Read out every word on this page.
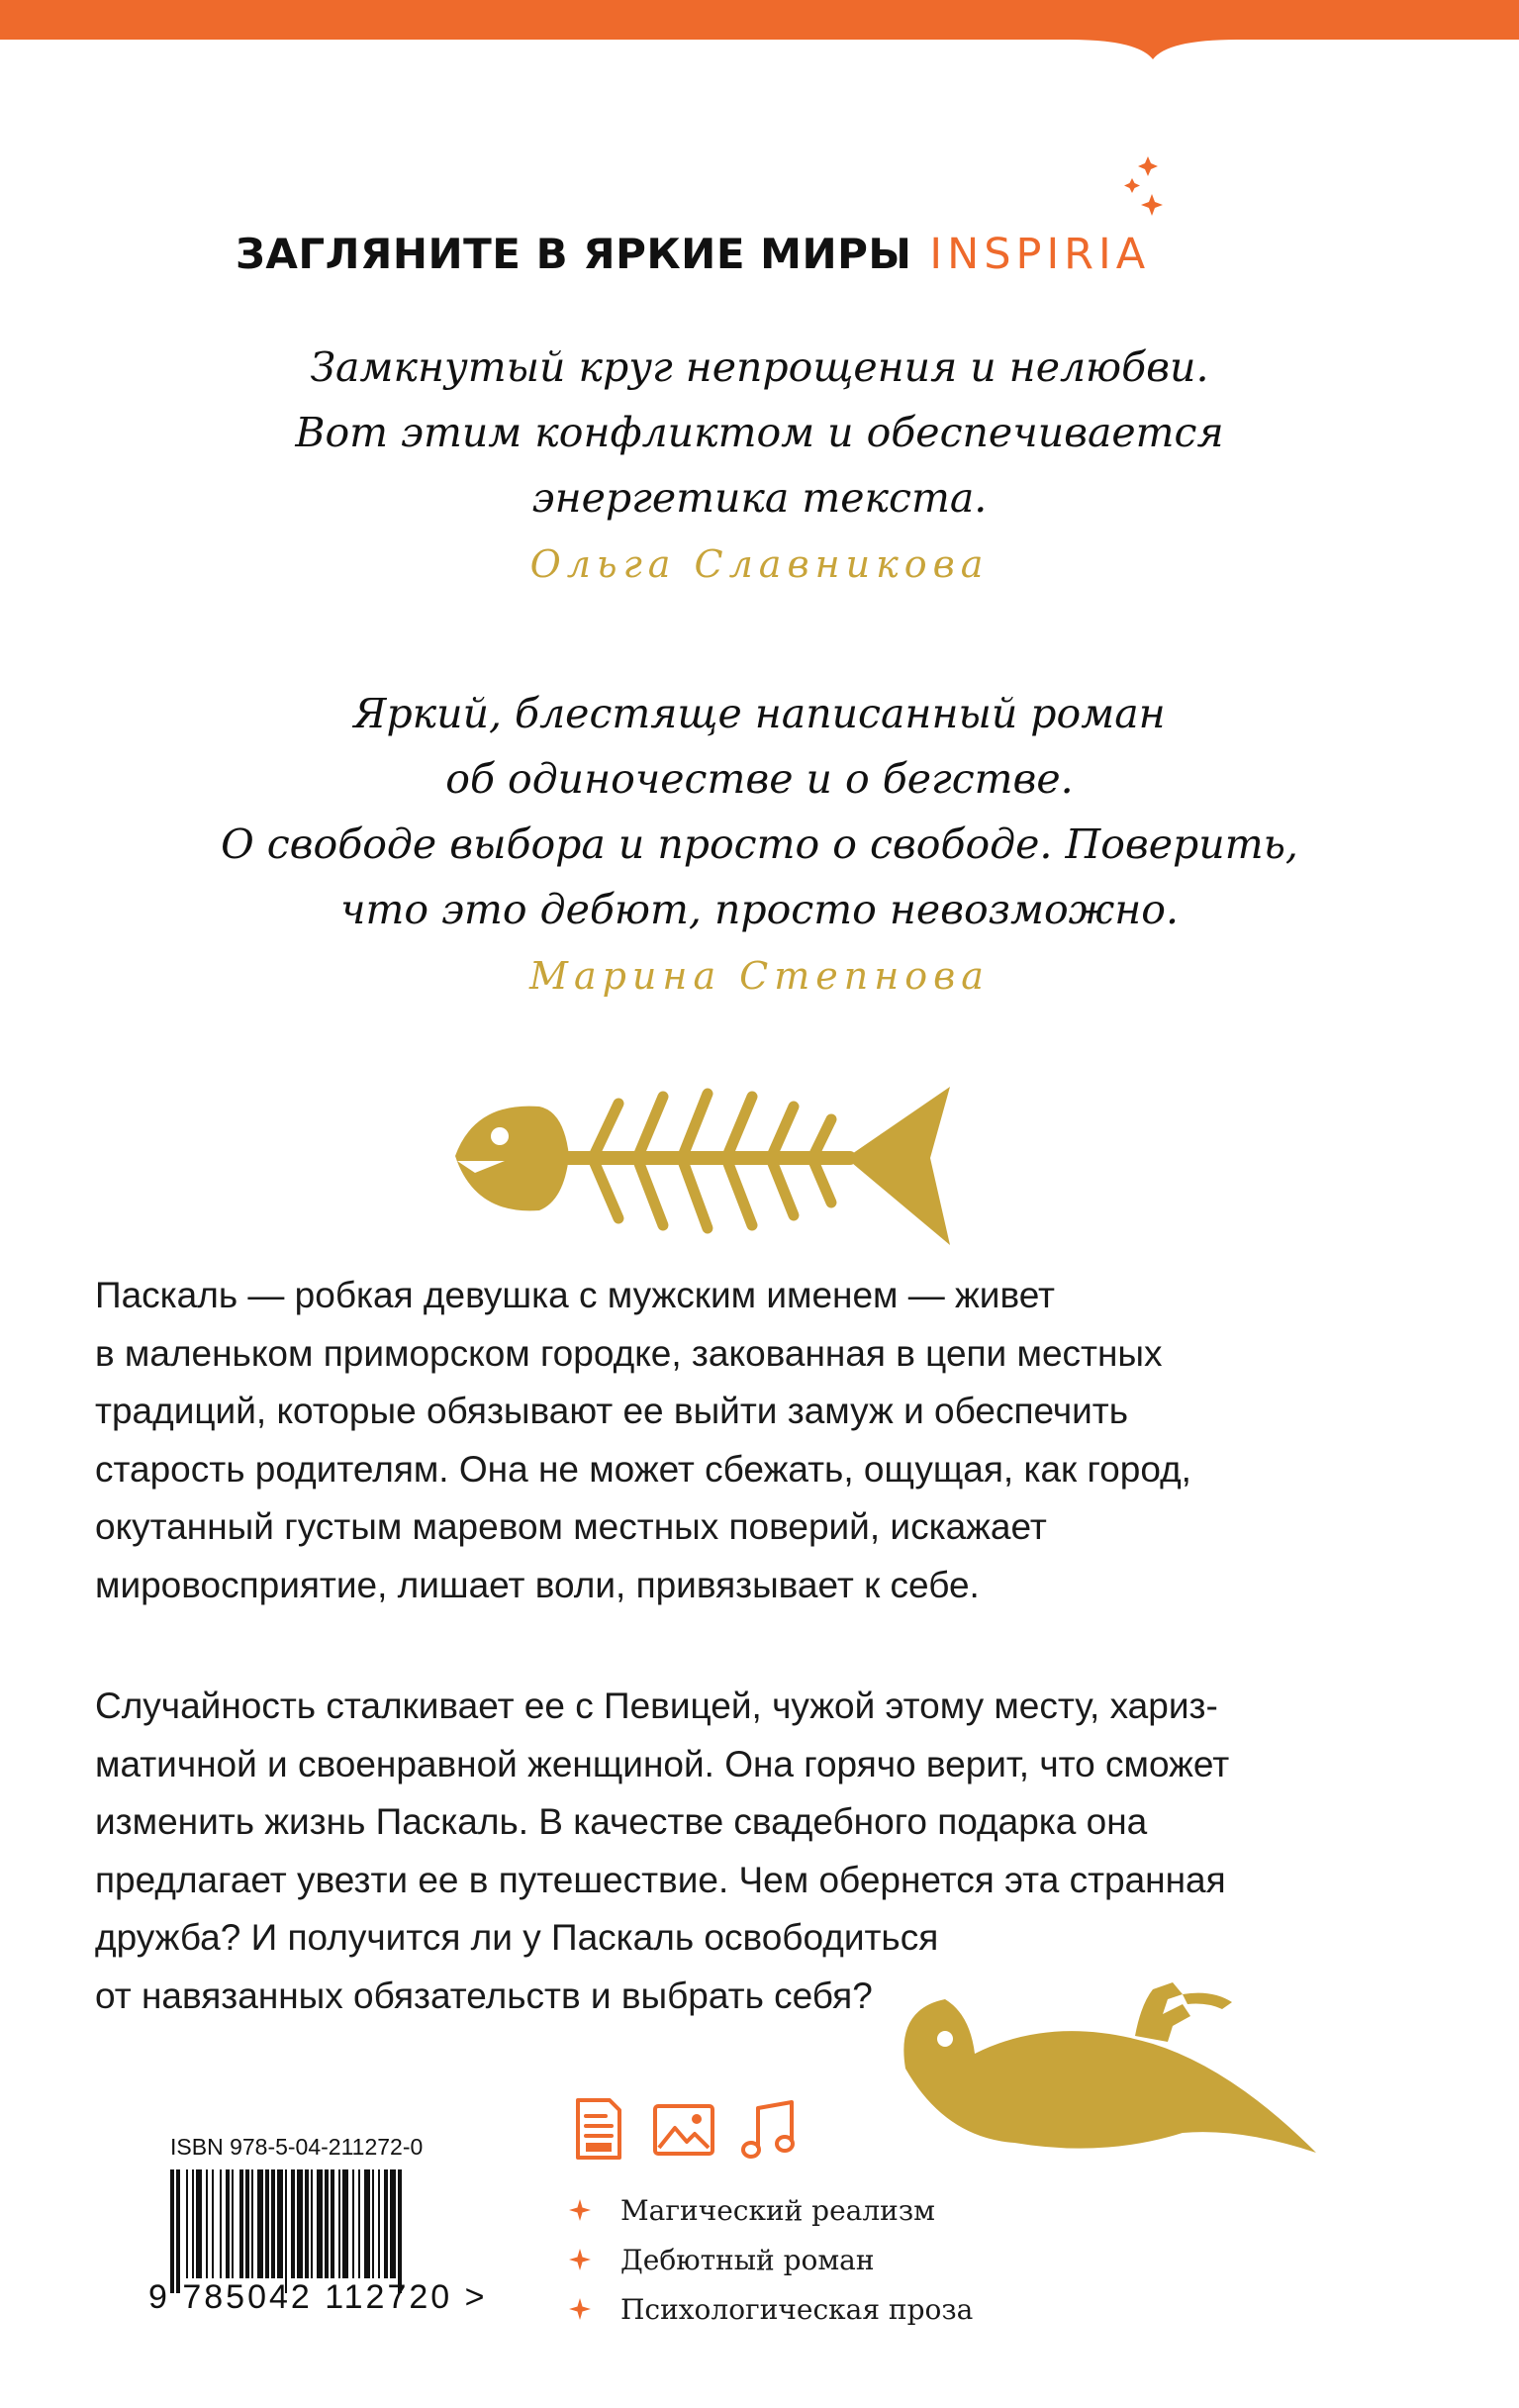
ЗАГЛЯНИТЕ В ЯРКИЕ МИРЫ INSPIRIA
Замкнутый круг непрощения и нелюбви.
Вот этим конфликтом и обеспечивается
энергетика текста.
Ольга Славникова
Яркий, блестяще написанный роман
об одиночестве и о бегстве.
О свободе выбора и просто о свободе. Поверить,
что это дебют, просто невозможно.
Марина Степнова
Паскаль — робкая девушка с мужским именем — живет
в маленьком приморском городке, закованная в цепи местных
традиций, которые обязывают ее выйти замуж и обеспечить
старость родителям. Она не может сбежать, ощущая, как город,
окутанный густым маревом местных поверий, искажает
мировосприятие, лишает воли, привязывает к себе.
Случайность сталкивает ее с Певицей, чужой этому месту, хариз-
матичной и своенравной женщиной. Она горячо верит, что сможет
изменить жизнь Паскаль. В качестве свадебного подарка она
предлагает увезти ее в путешествие. Чем обернется эта странная
дружба? И получится ли у Паскаль освободиться
от навязанных обязательств и выбрать себя?
ISBN 978-5-04-211272-0
9 785042 112720 >
Магический реализм
Дебютный роман
Психологическая проза
